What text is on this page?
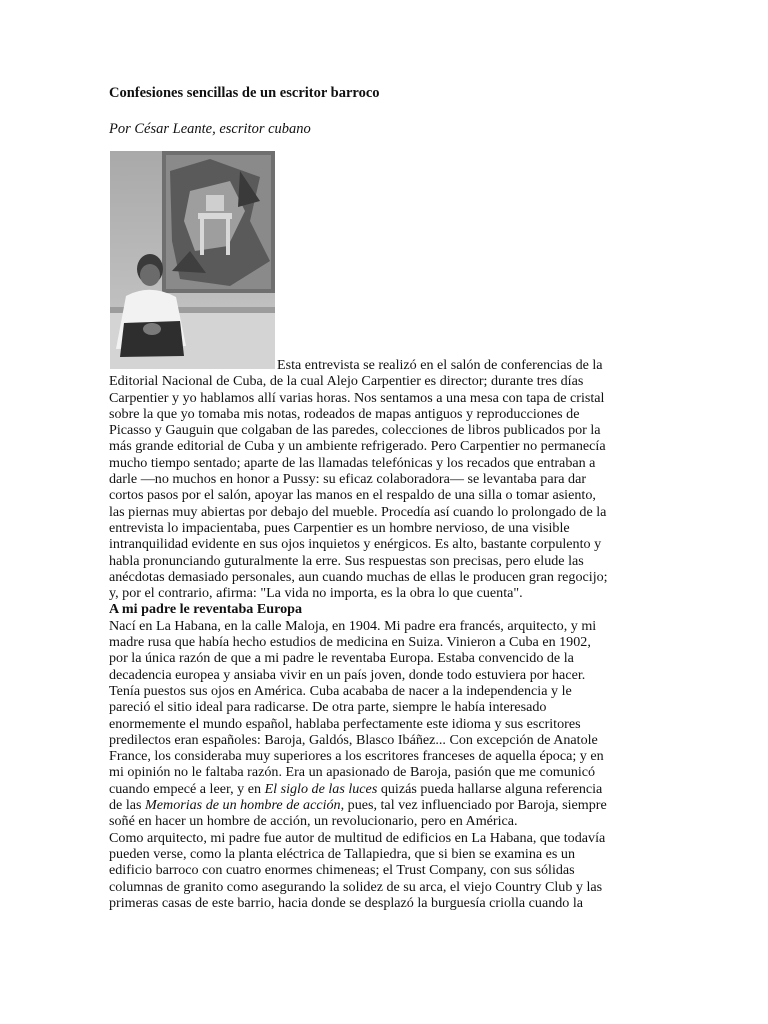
Confesiones sencillas de un escritor barroco

Por César Leante, escritor cubano

Esta entrevista se realizó en el salón de conferencias de la
Editorial Nacional de Cuba, de la cual Alejo Carpentier es director; durante tres días
Carpentier y yo hablamos allí varias horas. Nos sentamos a una mesa con tapa de cristal
sobre la que yo tomaba mis notas, rodeados de mapas antiguos y reproducciones de
Picasso y Gauguin que colgaban de las paredes, colecciones de libros publicados por la
más grande editorial de Cuba y un ambiente refrigerado. Pero Carpentier no permanecía
mucho tiempo sentado; aparte de las llamadas telefónicas y los recados que entraban a
darle —no muchos en honor a Pussy: su eficaz colaboradora— se levantaba para dar
cortos pasos por el salón, apoyar las manos en el respaldo de una silla o tomar asiento,
las piernas muy abiertas por debajo del mueble. Procedía así cuando lo prolongado de la
entrevista lo impacientaba, pues Carpentier es un hombre nervioso, de una visible
intranquilidad evidente en sus ojos inquietos y enérgicos. Es alto, bastante corpulento y
habla pronunciando guturalmente la erre. Sus respuestas son precisas, pero elude las
anécdotas demasiado personales, aun cuando muchas de ellas le producen gran regocijo;
y, por el contrario, afirma: "La vida no importa, es la obra lo que cuenta".

A mi padre le reventaba Europa

Nací en La Habana, en la calle Maloja, en 1904. Mi padre era francés, arquitecto, y mi
madre rusa que había hecho estudios de medicina en Suiza. Vinieron a Cuba en 1902,
por la única razón de que a mi padre le reventaba Europa. Estaba convencido de la
decadencia europea y ansiaba vivir en un país joven, donde todo estuviera por hacer.
Tenía puestos sus ojos en América. Cuba acababa de nacer a la independencia y le
pareció el sitio ideal para radicarse. De otra parte, siempre le había interesado
enormemente el mundo español, hablaba perfectamente este idioma y sus escritores
predilectos eran españoles: Baroja, Galdós, Blasco Ibáñez... Con excepción de Anatole
France, los consideraba muy superiores a los escritores franceses de aquella época; y en
mi opinión no le faltaba razón. Era un apasionado de Baroja, pasión que me comunicó
cuando empecé a leer, y en El siglo de las luces quizás pueda hallarse alguna referencia
de las Memorias de un hombre de acción, pues, tal vez influenciado por Baroja, siempre
soñé en hacer un hombre de acción, un revolucionario, pero en América.

Como arquitecto, mi padre fue autor de multitud de edificios en La Habana, que todavía
pueden verse, como la planta eléctrica de Tallapiedra, que si bien se examina es un
edificio barroco con cuatro enormes chimeneas; el Trust Company, con sus sólidas
columnas de granito como asegurando la solidez de su arca, el viejo Country Club y las
primeras casas de este barrio, hacia donde se desplazó la burguesía criolla cuando la
